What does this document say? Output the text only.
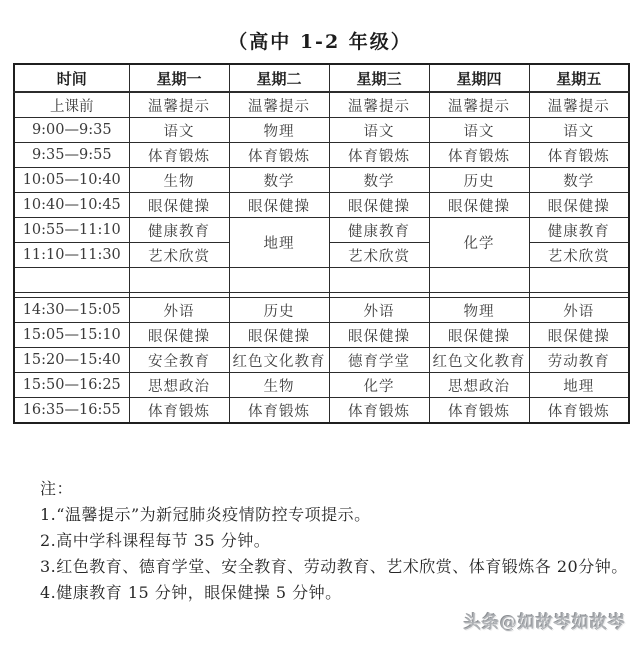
（高中 1-2 年级）
时间	星期一	星期二	星期三	星期四	星期五
上课前	温馨提示	温馨提示	温馨提示	温馨提示	温馨提示
9:00—9:35	语文	物理	语文	语文	语文
9:35—9:55	体育锻炼	体育锻炼	体育锻炼	体育锻炼	体育锻炼
10:05—10:40	生物	数学	数学	历史	数学
10:40—10:45	眼保健操	眼保健操	眼保健操	眼保健操	眼保健操
10:55—11:10	健康教育	地理	健康教育	化学	健康教育
11:10—11:30	艺术欣赏		艺术欣赏		艺术欣赏

14:30—15:05	外语	历史	外语	物理	外语
15:05—15:10	眼保健操	眼保健操	眼保健操	眼保健操	眼保健操
15:20—15:40	安全教育	红色文化教育	德育学堂	红色文化教育	劳动教育
15:50—16:25	思想政治	生物	化学	思想政治	地理
16:35—16:55	体育锻炼	体育锻炼	体育锻炼	体育锻炼	体育锻炼

注：

1.“温馨提示”为新冠肺炎疫情防控专项提示。

2.高中学科课程每节 35 分钟。

3.红色教育、德育学堂、安全教育、劳动教育、艺术欣赏、体育锻炼各 20分钟。

4.健康教育 15 分钟，眼保健操 5 分钟。

头条@如故岑如故岑
